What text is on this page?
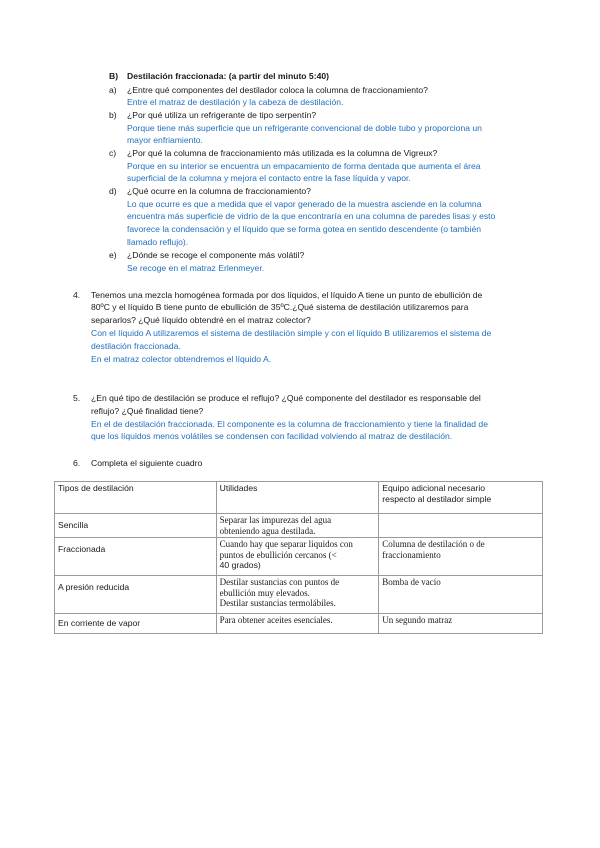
B) Destilación fraccionada: (a partir del minuto 5:40)
a) ¿Entre qué componentes del destilador coloca la columna de fraccionamiento?
Entre el matraz de destilación y la cabeza de destilación.
b) ¿Por qué utiliza un refrigerante de tipo serpentín?
Porque tiene más superficie que un refrigerante convencional de doble tubo y proporciona un
mayor enfriamiento.
c) ¿Por qué la columna de fraccionamiento más utilizada es la columna de Vigreux?
Porque en su interior se encuentra un empacamiento de forma dentada que aumenta el área
superficial de la columna y mejora el contacto entre la fase líquida y vapor.
d) ¿Qué ocurre en la columna de fraccionamiento?
Lo que ocurre es que a medida que el vapor generado de la muestra asciende en la columna
encuentra más superficie de vidrio de la que encontraría en una columna de paredes lisas y esto
favorece la condensación y el líquido que se forma gotea en sentido descendente (o también
llamado reflujo).
e) ¿Dónde se recoge el componente más volátil?
Se recoge en el matraz Erlenmeyer.
4. Tenemos una mezcla homogénea formada por dos líquidos, el líquido A tiene un punto de ebullición de
80ºC y el líquido B tiene punto de ebullición de 35ºC.¿Qué sistema de destilación utilizaremos para
separarlos? ¿Qué líquido obtendré en el matraz colector?
Con el líquido A utilizaremos el sistema de destilación simple y con el líquido B utilizaremos el sistema de
destilación fraccionada.
En el matraz colector obtendremos el líquido A.
5. ¿En qué tipo de destilación se produce el reflujo? ¿Qué componente del destilador es responsable del
reflujo? ¿Qué finalidad tiene?
En el de destilación fraccionada. El componente es la columna de fraccionamiento y tiene la finalidad de
que los líquidos menos volátiles se condensen con facilidad volviendo al matraz de destilación.
6. Completa el siguiente cuadro
Tipos de destilación	Utilidades	Equipo adicional necesario
respecto al destilador simple
Sencilla	Separar las impurezas del agua
obteniendo agua destilada.	
Fraccionada	Cuando hay que separar líquidos con
puntos de ebullición cercanos (<
40 grados)	Columna de destilación o de
fraccionamiento
A presión reducida	Destilar sustancias con puntos de
ebullición muy elevados.
Destilar sustancias termolábiles.	Bomba de vacío
En corriente de vapor	Para obtener aceites esenciales.	Un segundo matraz
